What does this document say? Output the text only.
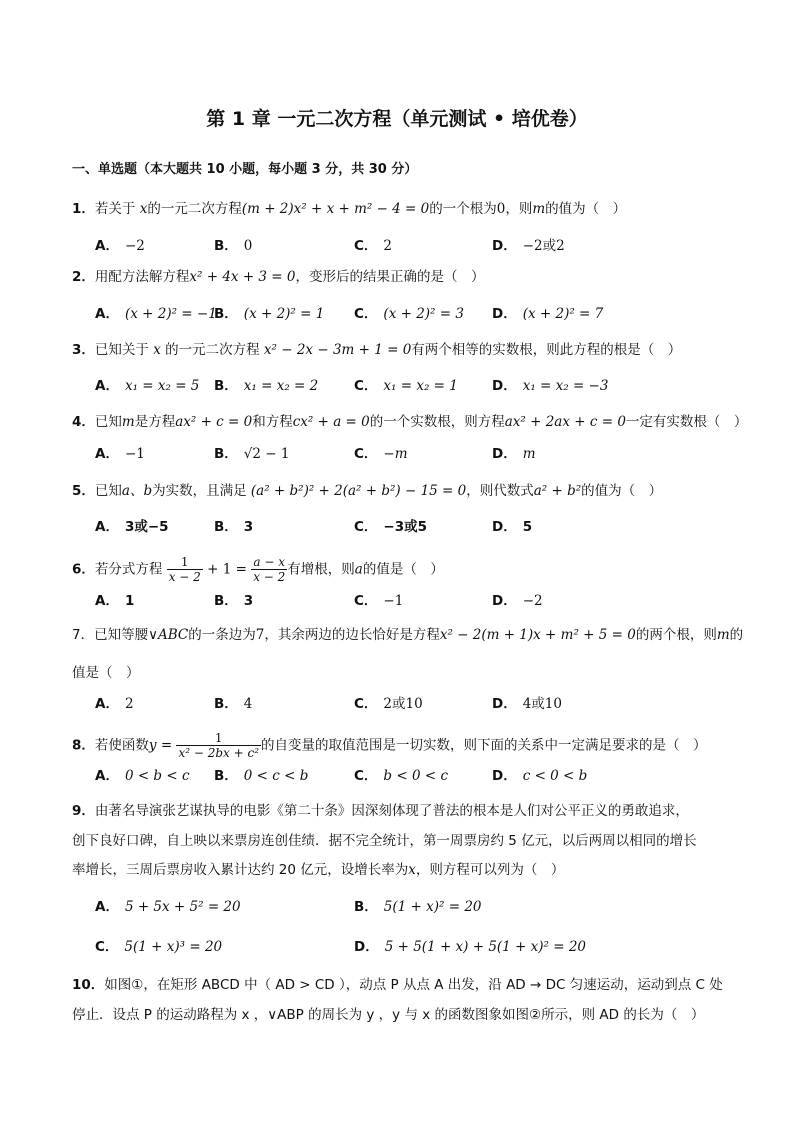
第 1 章 一元二次方程（单元测试 • 培优卷）
一、单选题（本大题共 10 小题，每小题 3 分，共 30 分）
1．若关于 x的一元二次方程(m + 2)x² + x + m² − 4 = 0的一个根为0，则m的值为（　）
A． −2	B． 0	C． 2	D． −2或2
2．用配方法解方程x² + 4x + 3 = 0，变形后的结果正确的是（　）
A． (x + 2)² = −1
B． (x + 2)² = 1 C． (x + 2)² = 3 D． (x + 2)² = 7
3．已知关于 x 的一元二次方程 x² − 2x − 3m + 1 = 0有两个相等的实数根，则此方程的根是（　）
A． x₁ = x₂ = 5 B． x₁ = x₂ = 2	C． x₁ = x₂ = 1	D． x₁ = x₂ = −3
4．已知m是方程ax² + c = 0和方程cx² + a = 0的一个实数根，则方程ax² + 2ax + c = 0一定有实数根（　）
A． −1	B． √2 − 1	C． −m	D． m
5．已知a、b为实数，且满足 (a² + b²)² + 2(a² + b²) − 15 = 0，则代数式a² + b²的值为（　）
A． 3或−5	B． 3	C． −3或5	D． 5
6．若分式方程 $\frac{1}{x - 2} + 1 = \frac{a - x}{x - 2}$ 有增根，则a的值是（　）
A． 1	B． 3	C． −1	D． −2
7．已知等腰∨ABC的一条边为7，其余两边的边长恰好是方程x² − 2(m + 1)x + m² + 5 = 0的两个根，则m的
值是（　）
A． 2	B． 4	C． 2或10	D． 4或10
8．若使函数$y = \frac{1}{\text{x² − 2bx + c²}}$ 的自变量的取值范围是一切实数，则下面的关系中一定满足要求的是（　）
A． 0 < b < c B． 0 < c < b	C． b < 0 < c	D． c < 0 < b
9．由著名导演张艺谋执导的电影《第二十条》因深刻体现了普法的根本是人们对公平正义的勇敢追求，
创下良好口碑，自上映以来票房连创佳绩．据不完全统计，第一周票房约 5 亿元，以后两周以相同的增长
率增长，三周后票房收入累计达约 20 亿元，设增长率为x，则方程可以列为（　）
A． 5 + 5x + 5² = 20	B． 5(1 + x)² = 20
C． 5(1 + x)³ = 20	D． 5 + 5(1 + x) + 5(1 + x)² = 20
10．如图①，在矩形 ABCD 中（ AD > CD ），动点 P 从点 A 出发，沿 AD → DC 匀速运动，运动到点 C 处
停止．设点 P 的运动路程为 x ，∨ABP 的周长为 y ，y 与 x 的函数图象如图②所示，则 AD 的长为（　）
